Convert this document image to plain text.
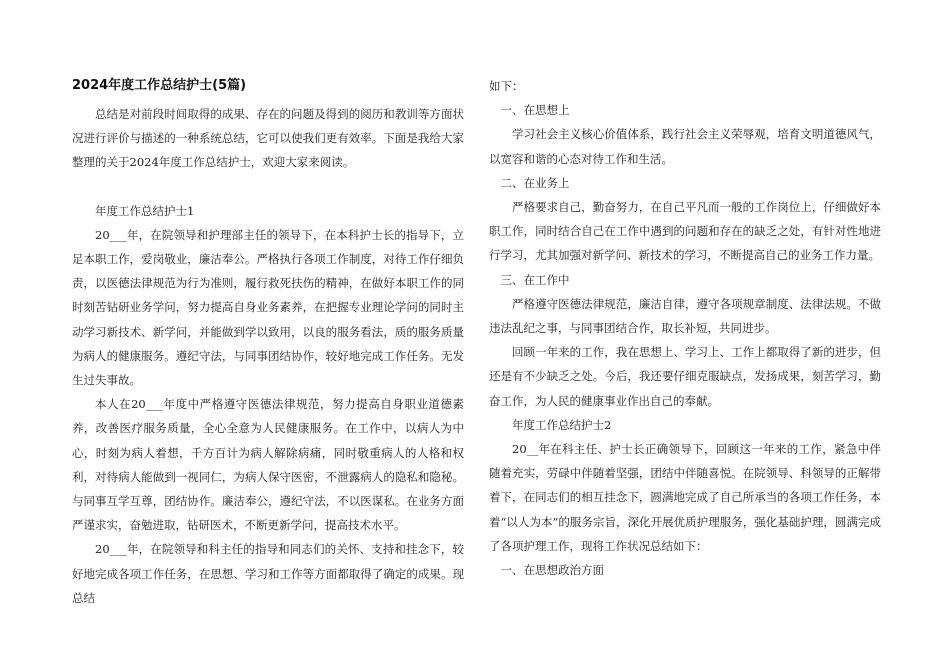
2024年度工作总结护士(5篇)

总结是对前段时间取得的成果、存在的问题及得到的阅历和教训等方面状况进行评价与描述的一种系统总结，它可以使我们更有效率。下面是我给大家整理的关于2024年度工作总结护士，欢迎大家来阅读。

年度工作总结护士1

20___年，在院领导和护理部主任的领导下，在本科护士长的指导下，立足本职工作，爱岗敬业，廉洁奉公。严格执行各项工作制度，对待工作仔细负责，以医德法律规范为行为准则，履行救死扶伤的精神，在做好本职工作的同时刻苦钻研业务学问，努力提高自身业务素养，在把握专业理论学问的同时主动学习新技术、新学问，并能做到学以致用，以良的服务看法，质的服务质量为病人的健康服务。遵纪守法，与同事团结协作，较好地完成工作任务。无发生过失事故。

本人在20___年度中严格遵守医德法律规范，努力提高自身职业道德素养，改善医疗服务质量，全心全意为人民健康服务。在工作中，以病人为中心，时刻为病人着想，千方百计为病人解除病痛，同时敬重病人的人格和权利，对待病人能做到一视同仁，为病人保守医密，不泄露病人的隐私和隐秘。与同事互学互尊，团结协作。廉洁奉公，遵纪守法，不以医谋私。在业务方面严谨求实，奋勉进取，钻研医术，不断更新学问，提高技术水平。

20___年，在院领导和科主任的指导和同志们的关怀、支持和挂念下，较好地完成各项工作任务，在思想、学习和工作等方面都取得了确定的成果。现总结

如下：

一、在思想上

学习社会主义核心价值体系，践行社会主义荣辱观，培育文明道德风气，以宽容和谐的心态对待工作和生活。

二、在业务上

严格要求自己，勤奋努力，在自己平凡而一般的工作岗位上，仔细做好本职工作，同时结合自己在工作中遇到的问题和存在的缺乏之处，有针对性地进行学习，尤其加强对新学问、新技术的学习，不断提高自己的业务工作力量。

三、在工作中

严格遵守医德法律规范，廉洁自律，遵守各项规章制度、法律法规。不做违法乱纪之事，与同事团结合作，取长补短，共同进步。

回顾一年来的工作，我在思想上、学习上、工作上都取得了新的进步，但还是有不少缺乏之处。今后，我还要仔细克服缺点，发扬成果，刻苦学习，勤奋工作，为人民的健康事业作出自己的奉献。

年度工作总结护士2

20__年在科主任、护士长正确领导下，回顾这一年来的工作，紧急中伴随着充实，劳碌中伴随着坚强，团结中伴随喜悦。在院领导、科领导的正解带着下，在同志们的相互挂念下，圆满地完成了自己所承当的各项工作任务，本着“以人为本”的服务宗旨，深化开展优质护理服务，强化基础护理，圆满完成了各项护理工作，现将工作状况总结如下：

一、在思想政治方面
